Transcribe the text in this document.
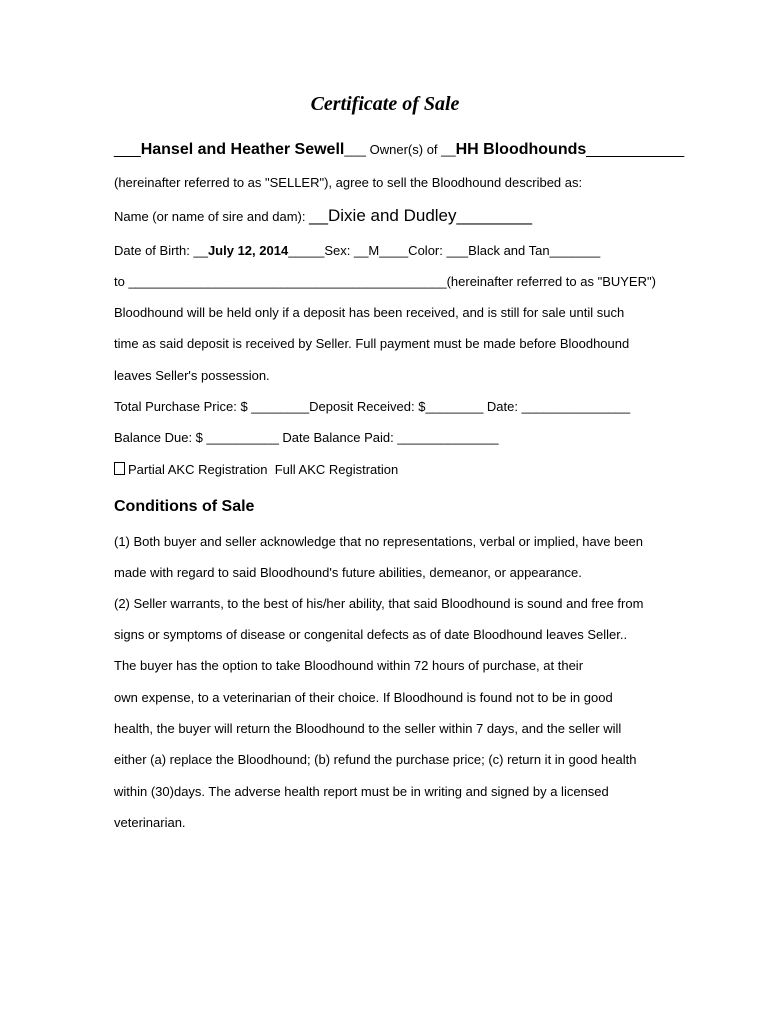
Certificate of Sale
___Hansel and Heather Sewell___ Owner(s) of __HH Bloodhounds___________
(hereinafter referred to as "SELLER"), agree to sell the Bloodhound described as:
Name (or name of sire and dam): __Dixie and Dudley________
Date of Birth: __July 12, 2014_____Sex: __M____Color: ___Black and Tan_______
to ____________________________________________(hereinafter referred to as "BUYER")
Bloodhound will be held only if a deposit has been received, and is still for sale until such
time as said deposit is received by Seller. Full payment must be made before Bloodhound
leaves Seller's possession.
Total Purchase Price: $ ________Deposit Received: $________ Date: _______________
Balance Due: $ __________ Date Balance Paid: ______________
Partial AKC Registration Full AKC Registration
Conditions of Sale
(1) Both buyer and seller acknowledge that no representations, verbal or implied, have been
made with regard to said Bloodhound's future abilities, demeanor, or appearance.
(2) Seller warrants, to the best of his/her ability, that said Bloodhound is sound and free from
signs or symptoms of disease or congenital defects as of date Bloodhound leaves Seller..
The buyer has the option to take Bloodhound within 72 hours of purchase, at their
own expense, to a veterinarian of their choice. If Bloodhound is found not to be in good
health, the buyer will return the Bloodhound to the seller within 7 days, and the seller will
either (a) replace the Bloodhound; (b) refund the purchase price; (c) return it in good health
within (30)days. The adverse health report must be in writing and signed by a licensed
veterinarian.
